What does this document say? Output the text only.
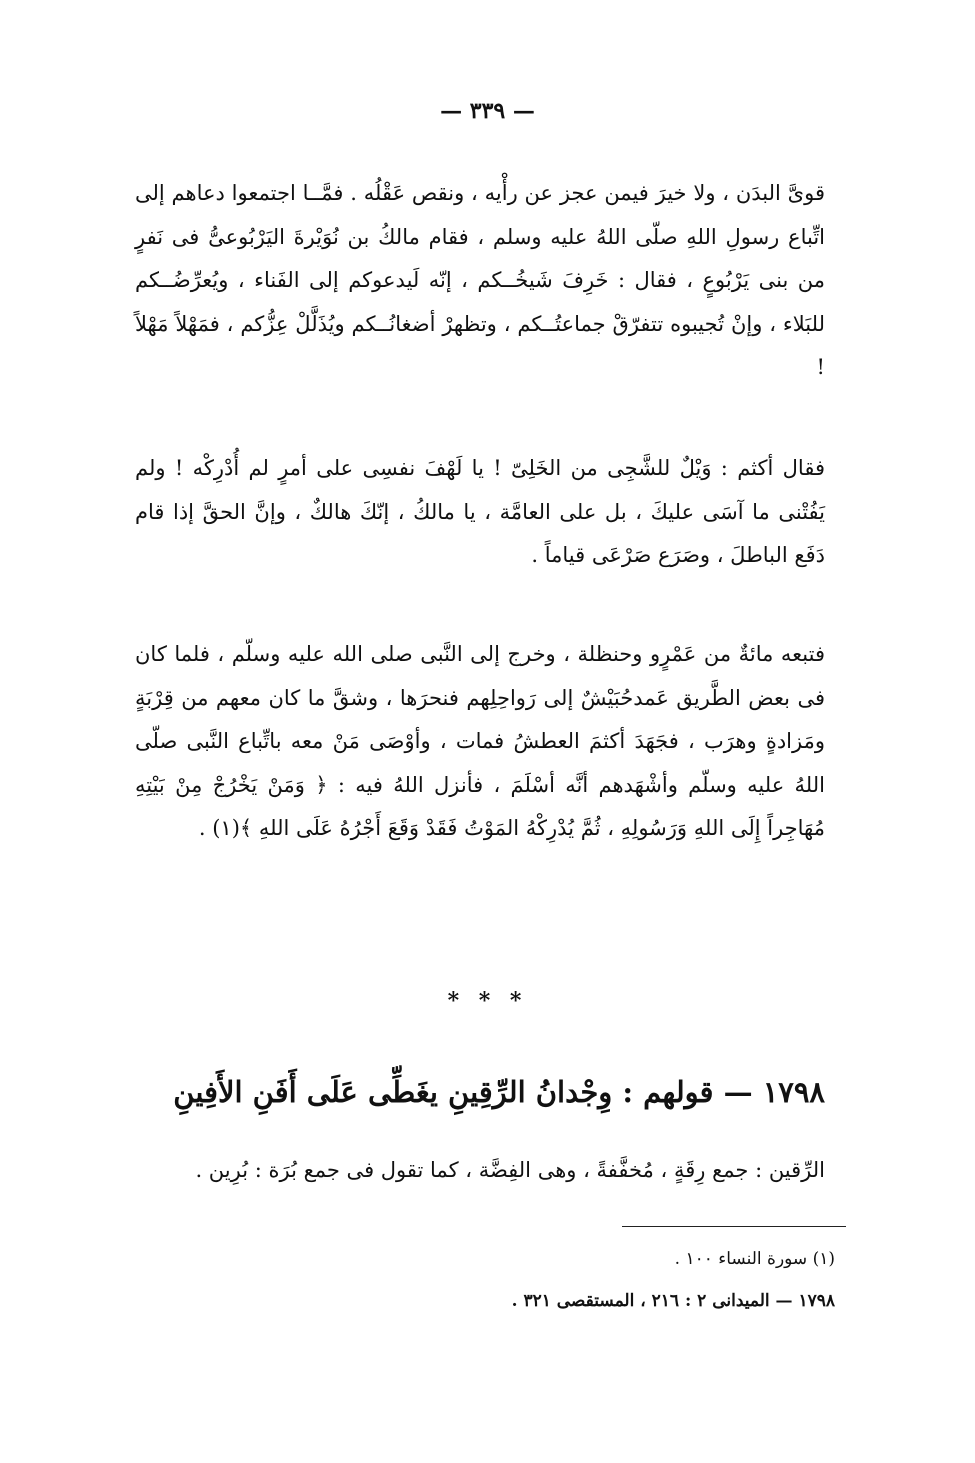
— ٣٣٩ —

قوىَّ البدَن ، ولا خيرَ فيمن عجز عن رأْيه ، ونقص عَقْلُه . فمَّــا اجتمعوا دعاهم إلى اتِّباع رسولِ اللهِ صلّى اللهُ عليه وسلم ، فقام مالكُ بن نُوَيْرةَ اليَرْبُوعىُّ فى نَفرٍ من بنى يَرْبُوعٍ ، فقال : خَرِفَ شَيخُــكم ، إنّه لَيدعوكم إلى الفَناء ، ويُعرِّضُــكم للبَلاء ، وإنْ تُجيبوه تتفرّقْ جماعتُــكم ، وتظهرْ أضغانُــكم ويُذَلَّلْ عِزُّكم ، فمَهْلاً مَهْلاً !

فقال أكثم : وَيْلٌ للشَّجِى من الخَلِىّ ! يا لَهْفَ نفسِى على أمرٍ لم أُدْرِكْه ! ولم يَفُتْنى ما آسَى عليكَ ، بل على العامَّة ، يا مالكُ ، إنّكَ هالكٌ ، وإنَّ الحقَّ إذا قام دَفَع الباطلَ ، وصَرَع صَرْعَى قياماً .

فتبعه مائةٌ من عَمْرٍو وحنظلة ، وخرج إلى النَّبى صلى الله عليه وسلّم ، فلما كان فى بعض الطَّريق عَمدحُبَيْشٌ إلى رَواحِلِهم فنحرَها ، وشقَّ ما كان معهم من قِرْبَةٍ ومَزادةٍ وهرَب ، فجَهَدَ أكثمَ العطشُ فمات ، وأوْصَى مَنْ معه باتِّباع النَّبى صلّى اللهُ عليه وسلّم وأشْهَدهم أنَّه أسْلَمَ ، فأنزل اللهُ فيه : ﴿ وَمَنْ يَخْرُجْ مِنْ بَيْتِهِ مُهَاجِراً إِلَى اللهِ وَرَسُولِهِ ، ثُمَّ يُدْرِكْهُ المَوْتُ فَقَدْ وَقَعَ أَجْرُهُ عَلَى اللهِ ﴾(١) .

* * *
١٧٩٨ — قولهم : وِجْدانُ الرِّقِينِ يغَطِّى عَلَى أَفَنِ الأَفِينِ

الرِّقين : جمع رِقَةٍ ، مُخفَّفةً ، وهى الفِضَّة ، كما تقول فى جمع بُرَة : بُرِين .

(١) سورة النساء ١٠٠ .
١٧٩٨ — الميدانى ٢ : ٢١٦ ، المستقصى ٣٢١ .
